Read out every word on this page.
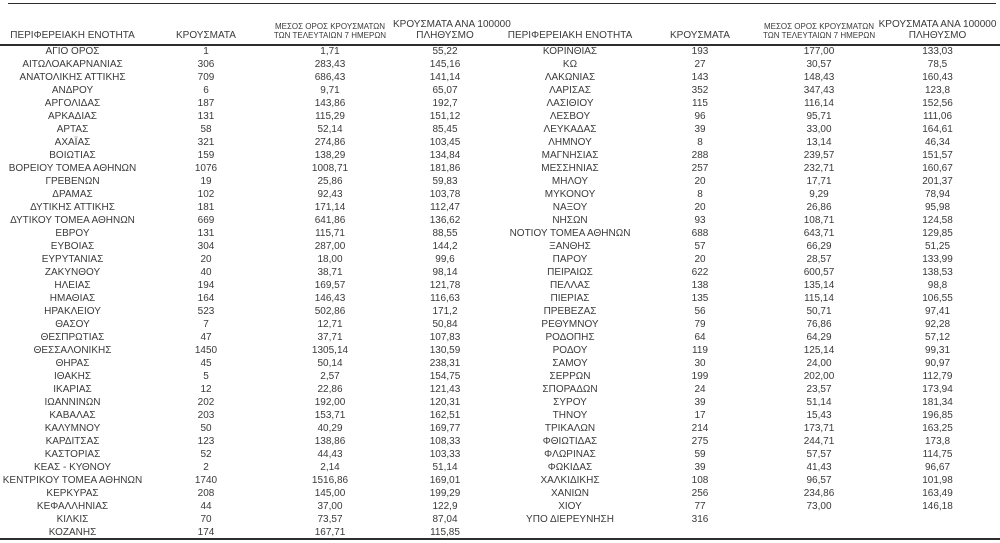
ΠΕΡΙΦΕΡΕΙΑΚΗ ΕΝΟΤΗΤΑ	ΚΡΟΥΣΜΑΤΑ	ΜΕΣΟΣ ΟΡΟΣ ΚΡΟΥΣΜΑΤΩΝ
ΤΩΝ ΤΕΛΕΥΤΑΙΩΝ 7 ΗΜΕΡΩΝ	ΚΡΟΥΣΜΑΤΑ ΑΝΑ 100000
ΠΛΗΘΥΣΜΟ

ΑΓΙΟ ΟΡΟΣ	1	1,71	55,22
ΑΙΤΩΛΟΑΚΑΡΝΑΝΙΑΣ	306	283,43	145,16
ΑΝΑΤΟΛΙΚΗΣ ΑΤΤΙΚΗΣ	709	686,43	141,14
ΑΝΔΡΟΥ	6	9,71	65,07
ΑΡΓΟΛΙΔΑΣ	187	143,86	192,7
ΑΡΚΑΔΙΑΣ	131	115,29	151,12
ΑΡΤΑΣ	58	52,14	85,45
ΑΧΑΪΑΣ	321	274,86	103,45
ΒΟΙΩΤΙΑΣ	159	138,29	134,84
ΒΟΡΕΙΟΥ ΤΟΜΕΑ ΑΘΗΝΩΝ	1076	1008,71	181,86
ΓΡΕΒΕΝΩΝ	19	25,86	59,83
ΔΡΑΜΑΣ	102	92,43	103,78
ΔΥΤΙΚΗΣ ΑΤΤΙΚΗΣ	181	171,14	112,47
ΔΥΤΙΚΟΥ ΤΟΜΕΑ ΑΘΗΝΩΝ	669	641,86	136,62
ΕΒΡΟΥ	131	115,71	88,55
ΕΥΒΟΙΑΣ	304	287,00	144,2
ΕΥΡΥΤΑΝΙΑΣ	20	18,00	99,6
ΖΑΚΥΝΘΟΥ	40	38,71	98,14
ΗΛΕΙΑΣ	194	169,57	121,78
ΗΜΑΘΙΑΣ	164	146,43	116,63
ΗΡΑΚΛΕΙΟΥ	523	502,86	171,2
ΘΑΣΟΥ	7	12,71	50,84
ΘΕΣΠΡΩΤΙΑΣ	47	37,71	107,83
ΘΕΣΣΑΛΟΝΙΚΗΣ	1450	1305,14	130,59
ΘΗΡΑΣ	45	50,14	238,31
ΙΘΑΚΗΣ	5	2,57	154,75
ΙΚΑΡΙΑΣ	12	22,86	121,43
ΙΩΑΝΝΙΝΩΝ	202	192,00	120,31
ΚΑΒΑΛΑΣ	203	153,71	162,51
ΚΑΛΥΜΝΟΥ	50	40,29	169,77
ΚΑΡΔΙΤΣΑΣ	123	138,86	108,33
ΚΑΣΤΟΡΙΑΣ	52	44,43	103,33
ΚΕΑΣ - ΚΥΘΝΟΥ	2	2,14	51,14
ΚΕΝΤΡΙΚΟΥ ΤΟΜΕΑ ΑΘΗΝΩΝ	1740	1516,86	169,01
ΚΕΡΚΥΡΑΣ	208	145,00	199,29
ΚΕΦΑΛΛΗΝΙΑΣ	44	37,00	122,9
ΚΙΛΚΙΣ	70	73,57	87,04
ΚΟΖΑΝΗΣ	174	167,71	115,85
ΠΕΡΙΦΕΡΕΙΑΚΗ ΕΝΟΤΗΤΑ	ΚΡΟΥΣΜΑΤΑ	ΜΕΣΟΣ ΟΡΟΣ ΚΡΟΥΣΜΑΤΩΝ
ΤΩΝ ΤΕΛΕΥΤΑΙΩΝ 7 ΗΜΕΡΩΝ	ΚΡΟΥΣΜΑΤΑ ΑΝΑ 100000
ΠΛΗΘΥΣΜΟ

ΚΟΡΙΝΘΙΑΣ	193	177,00	133,03
ΚΩ	27	30,57	78,5
ΛΑΚΩΝΙΑΣ	143	148,43	160,43
ΛΑΡΙΣΑΣ	352	347,43	123,8
ΛΑΣΙΘΙΟΥ	115	116,14	152,56
ΛΕΣΒΟΥ	96	95,71	111,06
ΛΕΥΚΑΔΑΣ	39	33,00	164,61
ΛΗΜΝΟΥ	8	13,14	46,34
ΜΑΓΝΗΣΙΑΣ	288	239,57	151,57
ΜΕΣΣΗΝΙΑΣ	257	232,71	160,67
ΜΗΛΟΥ	20	17,71	201,37
ΜΥΚΟΝΟΥ	8	9,29	78,94
ΝΑΞΟΥ	20	26,86	95,98
ΝΗΣΩΝ	93	108,71	124,58
ΝΟΤΙΟΥ ΤΟΜΕΑ ΑΘΗΝΩΝ	688	643,71	129,85
ΞΑΝΘΗΣ	57	66,29	51,25
ΠΑΡΟΥ	20	28,57	133,99
ΠΕΙΡΑΙΩΣ	622	600,57	138,53
ΠΕΛΛΑΣ	138	135,14	98,8
ΠΙΕΡΙΑΣ	135	115,14	106,55
ΠΡΕΒΕΖΑΣ	56	50,71	97,41
ΡΕΘΥΜΝΟΥ	79	76,86	92,28
ΡΟΔΟΠΗΣ	64	64,29	57,12
ΡΟΔΟΥ	119	125,14	99,31
ΣΑΜΟΥ	30	24,00	90,97
ΣΕΡΡΩΝ	199	202,00	112,79
ΣΠΟΡΑΔΩΝ	24	23,57	173,94
ΣΥΡΟΥ	39	51,14	181,34
ΤΗΝΟΥ	17	15,43	196,85
ΤΡΙΚΑΛΩΝ	214	173,71	163,25
ΦΘΙΩΤΙΔΑΣ	275	244,71	173,8
ΦΛΩΡΙΝΑΣ	59	57,57	114,75
ΦΩΚΙΔΑΣ	39	41,43	96,67
ΧΑΛΚΙΔΙΚΗΣ	108	96,57	101,98
ΧΑΝΙΩΝ	256	234,86	163,49
ΧΙΟΥ	77	73,00	146,18
ΥΠΟ ΔΙΕΡΕΥΝΗΣΗ	316		
